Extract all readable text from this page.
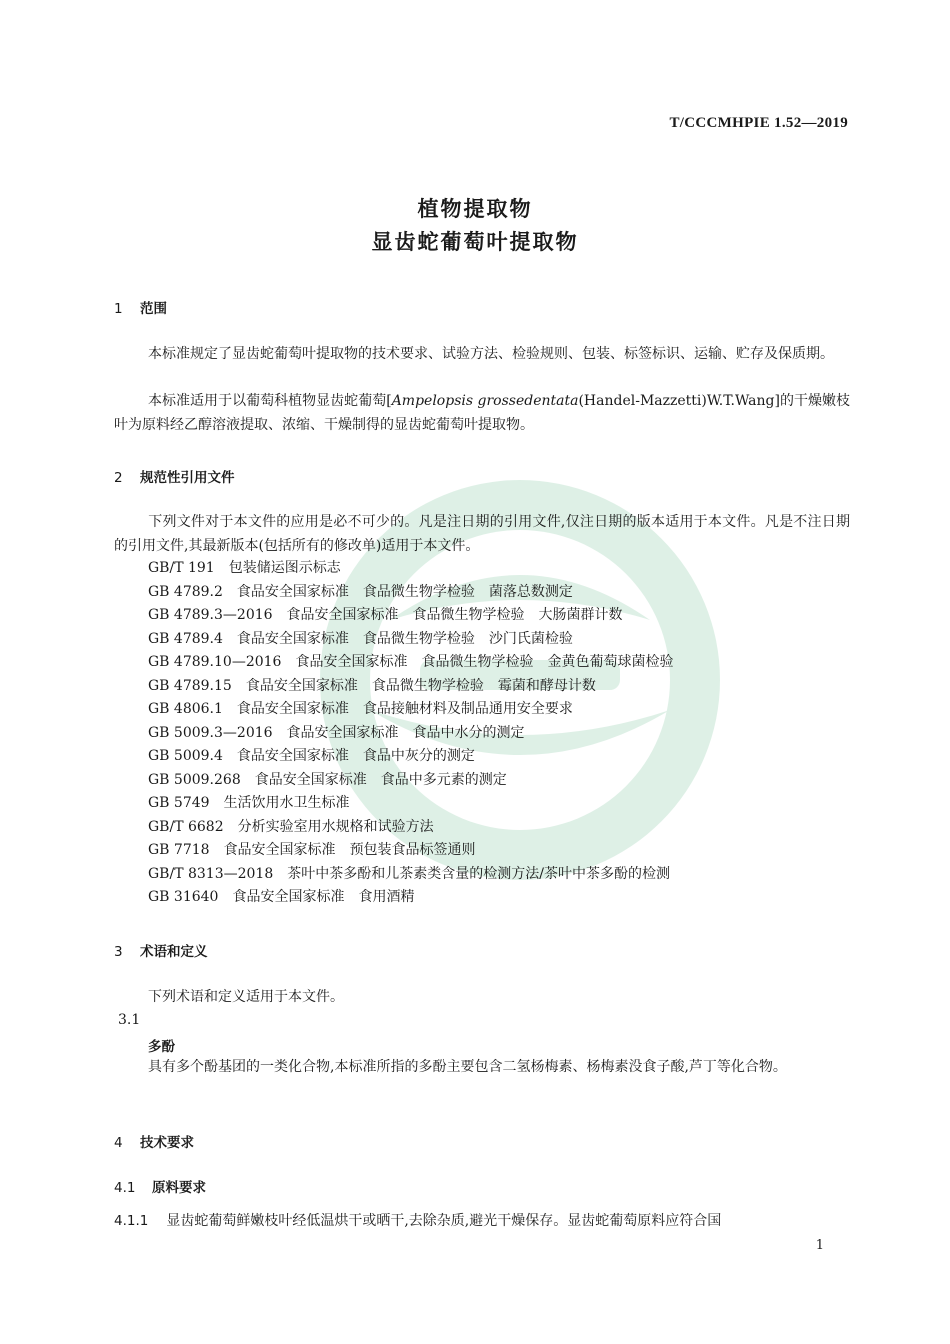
T/CCCMHPIE 1.52—2019
植物提取物
显齿蛇葡萄叶提取物
1 范围
本标准规定了显齿蛇葡萄叶提取物的技术要求、试验方法、检验规则、包装、标签标识、运输、贮存及保质期。
本标准适用于以葡萄科植物显齿蛇葡萄[Ampelopsis grossedentata(Handel-Mazzetti)W.T.Wang]的干燥嫩枝叶为原料经乙醇溶液提取、浓缩、干燥制得的显齿蛇葡萄叶提取物。
2 规范性引用文件
下列文件对于本文件的应用是必不可少的。凡是注日期的引用文件,仅注日期的版本适用于本文件。凡是不注日期的引用文件,其最新版本(包括所有的修改单)适用于本文件。
GB/T 191 包装储运图示标志
GB 4789.2 食品安全国家标准 食品微生物学检验 菌落总数测定
GB 4789.3—2016 食品安全国家标准 食品微生物学检验 大肠菌群计数
GB 4789.4 食品安全国家标准 食品微生物学检验 沙门氏菌检验
GB 4789.10—2016 食品安全国家标准 食品微生物学检验 金黄色葡萄球菌检验
GB 4789.15 食品安全国家标准 食品微生物学检验 霉菌和酵母计数
GB 4806.1 食品安全国家标准 食品接触材料及制品通用安全要求
GB 5009.3—2016 食品安全国家标准 食品中水分的测定
GB 5009.4 食品安全国家标准 食品中灰分的测定
GB 5009.268 食品安全国家标准 食品中多元素的测定
GB 5749 生活饮用水卫生标准
GB/T 6682 分析实验室用水规格和试验方法
GB 7718 食品安全国家标准 预包装食品标签通则
GB/T 8313—2018 茶叶中茶多酚和儿茶素类含量的检测方法/茶叶中茶多酚的检测
GB 31640 食品安全国家标准 食用酒精
3 术语和定义
下列术语和定义适用于本文件。
3.1
多酚
具有多个酚基团的一类化合物,本标准所指的多酚主要包含二氢杨梅素、杨梅素没食子酸,芦丁等化合物。
4 技术要求
4.1 原料要求
4.1.1 显齿蛇葡萄鲜嫩枝叶经低温烘干或晒干,去除杂质,避光干燥保存。显齿蛇葡萄原料应符合国
1
